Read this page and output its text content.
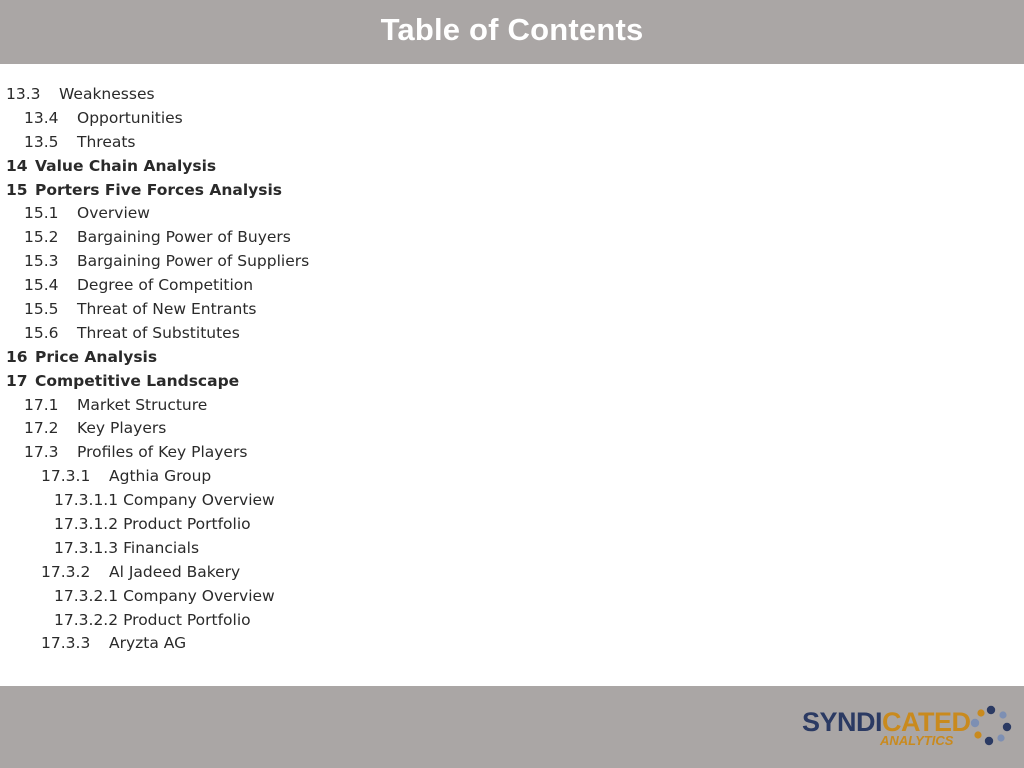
Table of Contents
13.3 Weaknesses
13.4 Opportunities
13.5 Threats
14 Value Chain Analysis
15 Porters Five Forces Analysis
15.1 Overview
15.2 Bargaining Power of Buyers
15.3 Bargaining Power of Suppliers
15.4 Degree of Competition
15.5 Threat of New Entrants
15.6 Threat of Substitutes
16 Price Analysis
17 Competitive Landscape
17.1 Market Structure
17.2 Key Players
17.3 Profiles of Key Players
17.3.1 Agthia Group
17.3.1.1 Company Overview
17.3.1.2 Product Portfolio
17.3.1.3 Financials
17.3.2 Al Jadeed Bakery
17.3.2.1 Company Overview
17.3.2.2 Product Portfolio
17.3.3 Aryzta AG
SYNDICATED
ANALYTICS
